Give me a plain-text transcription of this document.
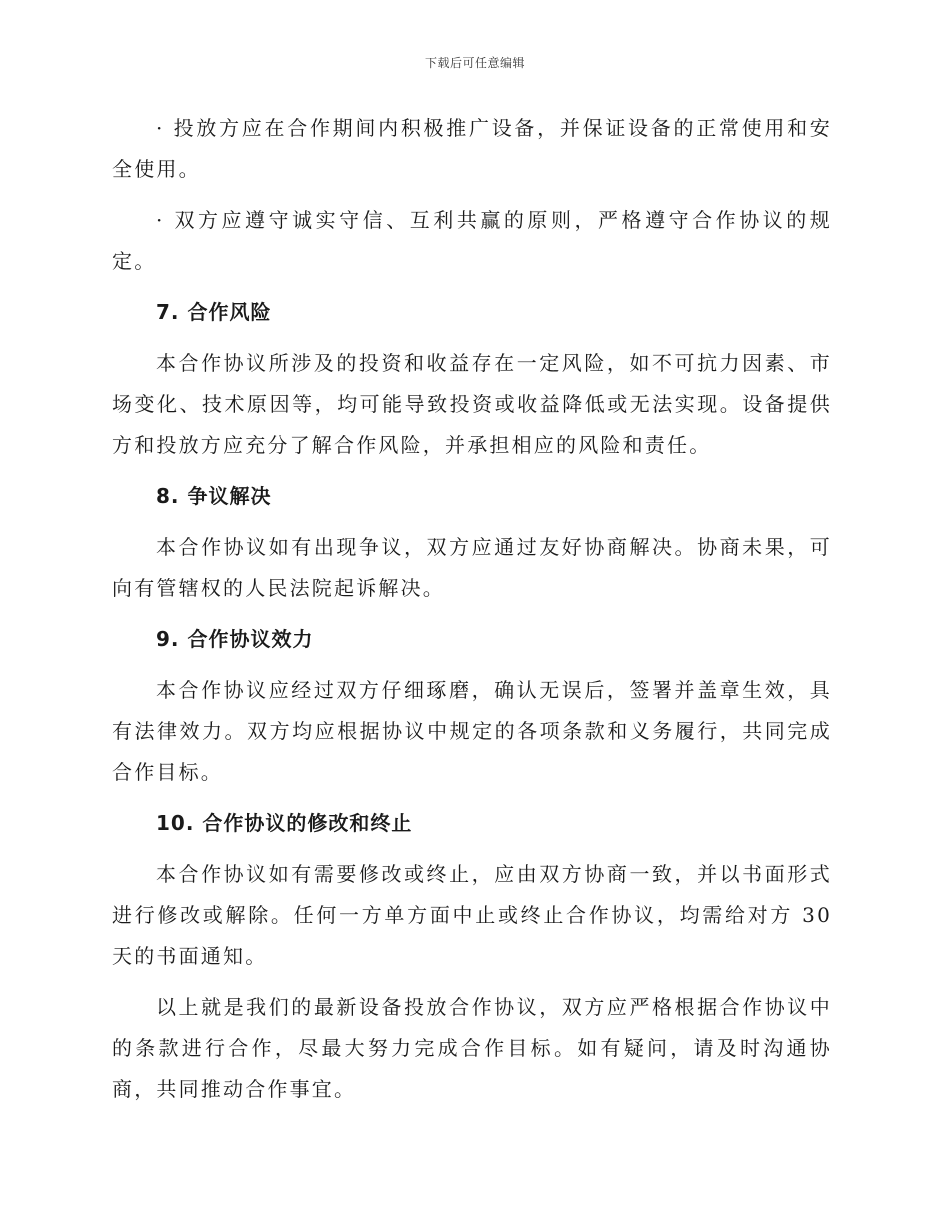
下载后可任意编辑

· 投放方应在合作期间内积极推广设备，并保证设备的正常使用和安全使用。

· 双方应遵守诚实守信、互利共赢的原则，严格遵守合作协议的规定。

7. 合作风险

本合作协议所涉及的投资和收益存在一定风险，如不可抗力因素、市场变化、技术原因等，均可能导致投资或收益降低或无法实现。设备提供方和投放方应充分了解合作风险，并承担相应的风险和责任。

8. 争议解决

本合作协议如有出现争议，双方应通过友好协商解决。协商未果，可向有管辖权的人民法院起诉解决。

9. 合作协议效力

本合作协议应经过双方仔细琢磨，确认无误后，签署并盖章生效，具有法律效力。双方均应根据协议中规定的各项条款和义务履行，共同完成合作目标。

10. 合作协议的修改和终止

本合作协议如有需要修改或终止，应由双方协商一致，并以书面形式进行修改或解除。任何一方单方面中止或终止合作协议，均需给对方 30 天的书面通知。

以上就是我们的最新设备投放合作协议，双方应严格根据合作协议中的条款进行合作，尽最大努力完成合作目标。如有疑问，请及时沟通协商，共同推动合作事宜。
